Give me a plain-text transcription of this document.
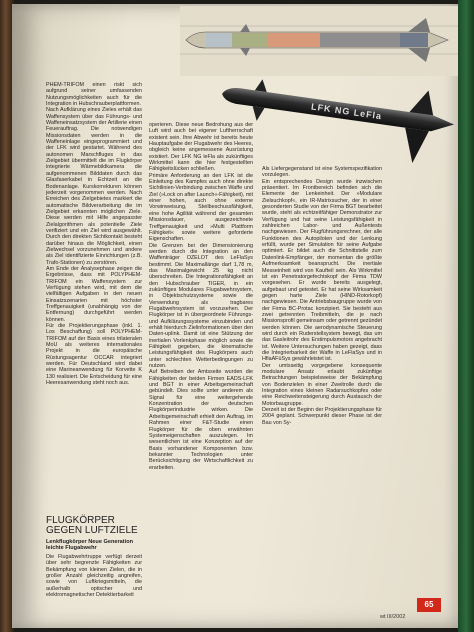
LFK NG LeFla

PHEM-TRIFOM einen riskt sich aufgrund seiner umfassenden Nutzungsmöglichkeiten auch für die Integration in Hubschrauberplattformen.

Nach Aufklärung eines Zieles erhält das Waffensystem über das Führungs- und Waffeneinsatzsystem der Artillerie einen Feuerauftrag. Die notwendigen Missionsdaten werden in die Waffeneinlage eingeprogrammiert und der LFK wird gestartet. Während des autonomen Marschfluges in das Zielgebiet übermittelt die im Flugkörper integrierte Wärmebildkamera die aufgenommenen Bilddaten durch das Glasfaserkabel in Echtzeit an die Bodenanlage. Kurskorrekturen können jederzeit vorgenommen werden. Nach Erreichen des Zielgebietes markiert die automatische Bildverarbeitung die im Zielgebiet erkannten möglichen Ziele. Diese werden mit Hilfe angepasster Zielalgorithmen als potentielle Ziele verifiziert und ein Ziel wird ausgewählt. Durch den direkten Sichtkontakt besteht darüber hinaus die Möglichkeit, einen Zielwechsel vorzunehmen und andere als Ziel identifizierte Einrichtungen (z.B. Trafo-Stationen) zu zerstören.

Am Ende der Analysephase zeigen die Ergebnisse, dass mit POLYPHEM-TRIFOM ein Waffensystem zur Verfügung stehen wird, mit dem die vielfältigen Aufgaben in den neuen Einsatzszenarien mit höchster Treffgenauigkeit (unabhängig von der Entfernung) durchgeführt werden können.

Für die Projektierungsphase (inkl. 1. Los Beschaffung) soll POLYPHEM-TRIFOM auf der Basis eines trilateralen MoU als weiteres internationales Projekt in die europäische Rüstungsagentur OCCAR integriert werden. Für Deutschland wird dabei eine Marineanwendung für Korvette K 130 realisiert. Die Entscheidung für eine Heeresanwendung steht noch aus.

FLUGKÖRPER GEGEN LUFTZIELE
Lenkflugkörper Neue Generation leichte Flugabwehr

Die Flugabwehrtruppe verfügt derzeit über sehr begrenzte Fähigkeiten zur Bekämpfung von kleinen Zielen, die in großer Anzahl gleichzeitig angreifen, sowie von Luftkriegsmitteln, die außerhalb optischer und elektromagnetischer Detektierbarkeit

operieren. Diese neue Bedrohung aus der Luft wird auch bei eigener Luftherrschaft existent sein. Ihre Abwehr ist bereits heute Hauptaufgabe der Flugabwehr des Heeres, obgleich keine angemessene Ausrüstung existiert. Der LFK NG leFla als zukünftiges Wirkmittel kann die hier festgestellten Fähigkeitslücken schließen.

Primäre Anforderung an den LFK ist die Einleitung des Kampfes auch ohne direkte Sichtlinien-Verbindung zwischen Waffe und Ziel (»Lock on after Launch«-Fähigkeit), mit einer hohen, auch ohne externe Vorwinweisung, Steilbeschussfähigkeit, eine hohe Agilität während der gesamten Missionsdauer, ausgezeichnete Treffgenauigkeit und »Multi Plattform Fähigkeit« sowie weitere geforderte Eigenschaften.

Die Grenzen bei der Dimensionierung werden durch die Integration an den Waffenträger OZELOT des LeFlaSys bestimmt. Die Maximallänge darf 1,78 m, das Maximalgewicht 25 kg nicht überschreiten. Die Integrationsfähigkeit an den Hubschrauber TIGER, in ein zukünftiges Modulares Flugabwehrsystem, in Objektschutzsysteme sowie die Verwendung als tragbares Flugabwehrsystem ist vorzusehen. Der Flugkörper ist in übergeordnete Führungs- und Aufklärungssysteme einzubinden und erhält hierdurch Zielinformationen über den Daten-uplink. Damit ist eine Stützung der inertialen Vorlenkphase möglich sowie die Fähigkeit gegeben, die kinematische Leistungsfähigkeit des Flugkörpers auch unter schlechten Wetterbedingungen zu nutzen.

Auf Betreiben der Amtsseite wurden die Fähigkeiten der beiden Firmen EADS-LFK und BGT in einer Arbeitsgemeinschaft gebündelt. Dies sollte unter anderem als Signal für eine weitergehende Konzentration der deutschen Flugkörperindustrie wirken. Die Arbeitsgemeinschaft erhielt den Auftrag, im Rahmen einer F&T-Studie einen Flugkörper für die oben erwähnten Systemeigenschaften auszulegen. Im wesentlichen ist eine Konzeption auf der Basis vorhandener Komponenten bzw. bekannter Technologien unter Berücksichtigung der Wirtschaftlichkeit zu erarbeiten.

Als Liefergegenstand ist eine Systemspezifikation vorzulegen.

Ein entsprechendes Design wurde inzwischen präsentiert. Im Frontbereich befinden sich die Elemente der Lenkeinheit. Der »Modulare Zielsuchkopf«, ein IR-Matrixsucher, der in einer gesonderten Studie von der Firma BGT bearbeitet wurde, steht als echtzeitfähiger Demonstrator zur Verfügung und hat seine Leistungsfähigkeit in zahlreichen Labor- und Außentests nachgewiesen. Der Flugführungsrechner, der alle Funktionen des Autopiloten und der Lenkung erfüllt, wurde per Simulation für seine Aufgabe optimiert. Er bildet auch die Schnittstelle zum Datenlink-Empfänger, der momentan die größte Aufmerksamkeit beansprucht. Die inertiale Messeinheit wird von Kaufteil sein. Als Wirkmittel ist ein Penetratorgefechtskopf der Firma TDW vorgesehen. Er wurde bereits ausgelegt, aufgebaut und getestet. Er hat seine Wirksamkeit gegen harte Ziele (HIND-Rotorkopf) nachgewiesen. Die Antriebsbaugruppe wurde von der Firma BC-Protac konzipiert. Sie besteht aus zwei getrennten Treibmitteln, die je nach Missionsprofil gemeinsam oder getrennt gezündet werden können. Die aerodynamische Steuerung wird durch ein Ruderstellsystem bewegt, das um das Gasleitrohr des Erstimpulsmotors angebracht ist. Weitere Untersuchungen haben gezeigt, dass die Integrierbarkeit der Waffe in LeFlaSys und in HflaAFüSys gewährleistet ist.

Der umtsseitig vorgegebene konsequente modulare Ansatz erlaubt zukünftige Betrachtungen beispielsweise der Bekämpfung von Bodenzielen in einer Zweitrolle durch die Integration eines kleinen Radarsuchkopfes oder eine Reichweitensteigerung durch Austausch der Motorbaugruppe.

Derzeit ist der Beginn der Projektierungsphase für 2004 geplant. Schwerpunkt dieser Phase ist der Bau von Sy-

65
wt III/2002
